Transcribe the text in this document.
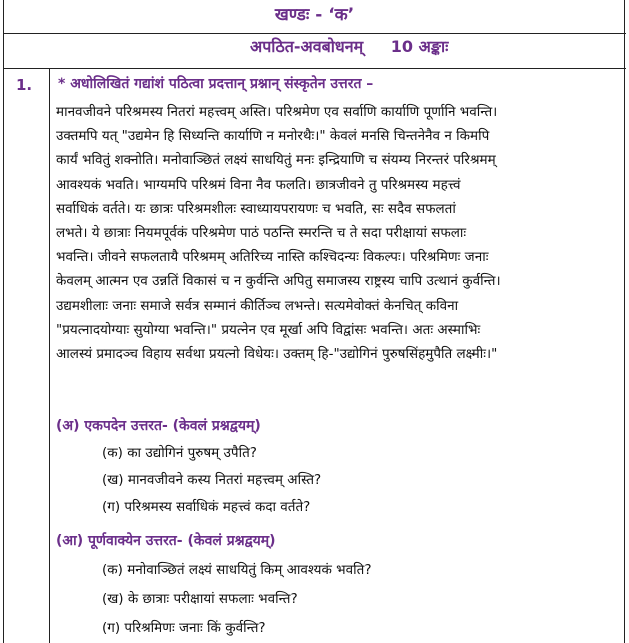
खण्डः - ‘क’
अपठित-अवबोधनम् 10 अङ्काः
1. * अधोलिखितं गद्यांशं पठित्वा प्रदत्तान् प्रश्नान् संस्कृतेन उत्तरत –
मानवजीवने परिश्रमस्य नितरां महत्त्वम् अस्ति। परिश्रमेण एव सर्वाणि कार्याणि पूर्णानि भवन्ति।
उक्तमपि यत् "उद्यमेन हि सिध्यन्ति कार्याणि न मनोरथैः।" केवलं मनसि चिन्तनेनैव न किमपि
कार्यं भवितुं शक्नोति। मनोवाञ्छितं लक्ष्यं साधयितुं मनः इन्द्रियाणि च संयम्य निरन्तरं परिश्रमम्
आवश्यकं भवति। भाग्यमपि परिश्रमं विना नैव फलति। छात्रजीवने तु परिश्रमस्य महत्त्वं
सर्वाधिकं वर्तते। यः छात्रः परिश्रमशीलः स्वाध्यायपरायणः च भवति, सः सदैव सफलतां
लभते। ये छात्राः नियमपूर्वकं परिश्रमेण पाठं पठन्ति स्मरन्ति च ते सदा परीक्षायां सफलाः
भवन्ति। जीवने सफलतायै परिश्रमम् अतिरिच्य नास्ति कश्चिदन्यः विकल्पः। परिश्रमिणः जनाः
केवलम् आत्मन एव उन्नतिं विकासं च न कुर्वन्ति अपितु समाजस्य राष्ट्रस्य चापि उत्थानं कुर्वन्ति।
उद्यमशीलाः जनाः समाजे सर्वत्र सम्मानं कीर्तिञ्च लभन्ते। सत्यमेवोक्तं केनचित् कविना
"प्रयत्नादयोग्याः सुयोग्या भवन्ति।" प्रयत्नेन एव मूर्खा अपि विद्वांसः भवन्ति। अतः अस्माभिः
आलस्यं प्रमादञ्च विहाय सर्वथा प्रयत्नो विधेयः। उक्तम् हि-"उद्योगिनं पुरुषसिंहमुपैति लक्ष्मीः।"
(अ) एकपदेन उत्तरत- (केवलं प्रश्नद्वयम्)
(क) का उद्योगिनं पुरुषम् उपैति?
(ख) मानवजीवने कस्य नितरां महत्त्वम् अस्ति?
(ग) परिश्रमस्य सर्वाधिकं महत्त्वं कदा वर्तते?
(आ) पूर्णवाक्येन उत्तरत- (केवलं प्रश्नद्वयम्)
(क) मनोवाञ्छितं लक्ष्यं साधयितुं किम् आवश्यकं भवति?
(ख) के छात्राः परीक्षायां सफलाः भवन्ति?
(ग) परिश्रमिणः जनाः किं कुर्वन्ति?
